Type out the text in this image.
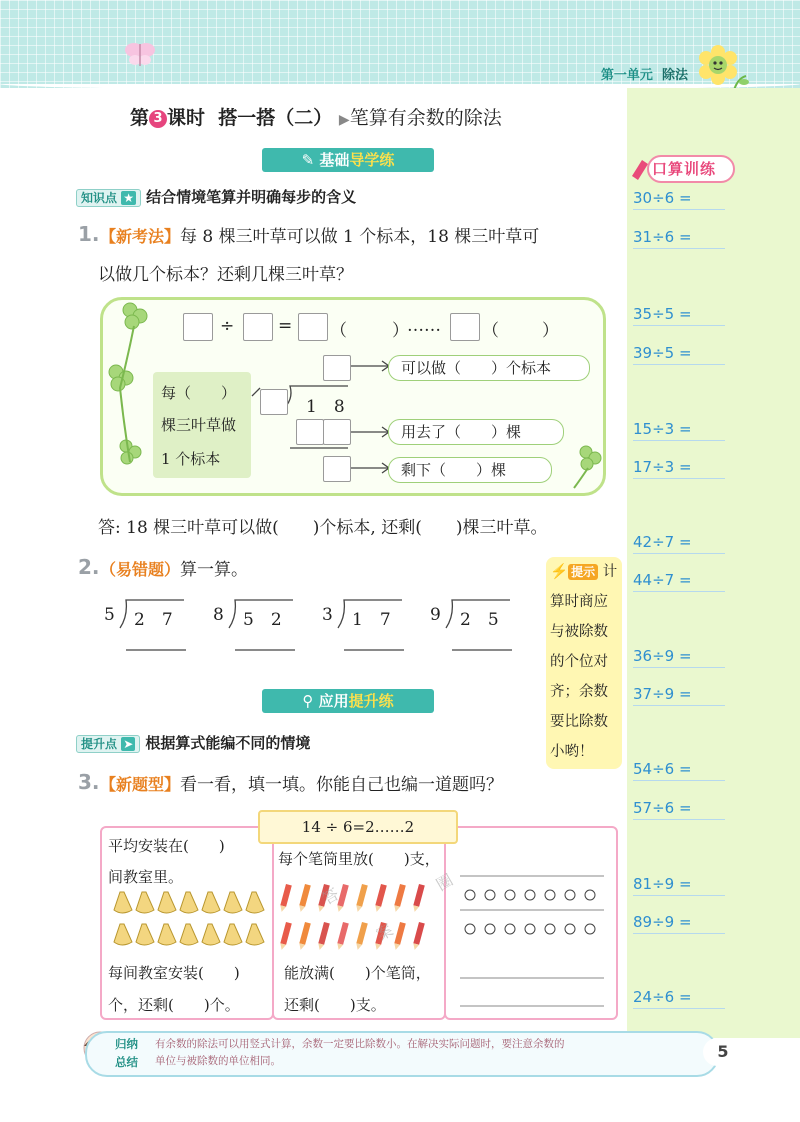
第一单元 除法
口算训练
30÷6 =
31÷6 =
35÷5 =
39÷5 =
15÷3 =
17÷3 =
42÷7 =
44÷7 =
36÷9 =
37÷9 =
54÷6 =
57÷6 =
81÷9 =
89÷9 =
24÷6 =
第 3 课时 搭一搭（二） ▶笔算有余数的除法
✎ 基础导学练
知识点 ★ 结合情境笔算并明确每步的含义
1. 【新考法】每 8 棵三叶草可以做 1 个标本，18 棵三叶草可
以做几个标本？还剩几棵三叶草？
÷	= （	）
…… （	）
每（　　）
棵三叶草做
1 个标本
1　8
可以做（　　）个标本
用去了（　　）棵
剩下（　　）棵
答: 18 棵三叶草可以做(　　)个标本, 还剩(　　)棵三叶草。
2. （易错题）算一算。
5 2　7 8 5　2 3 1　7 9 2　5
⚡ 提示 计
算时商应
与被除数
的个位对
齐；余数
要比除数
小哟！
⚲ 应用提升练
提升点 ➤ 根据算式能编不同的情境
3. 【新题型】看一看，填一填。你能自己也编一道题吗？
14 ÷ 6=2……2
平均安装在(　　)
间教室里。
每间教室安装(　　)
个，还剩(　　)个。
每个笔筒里放(　　)支，
能放满(　　)个笔筒，
还剩(　　)支。
答
案
圈
归纳
总结
有余数的除法可以用竖式计算，余数一定要比除数小。在解决实际问题时，要注意余数的
单位与被除数的单位相同。	5
